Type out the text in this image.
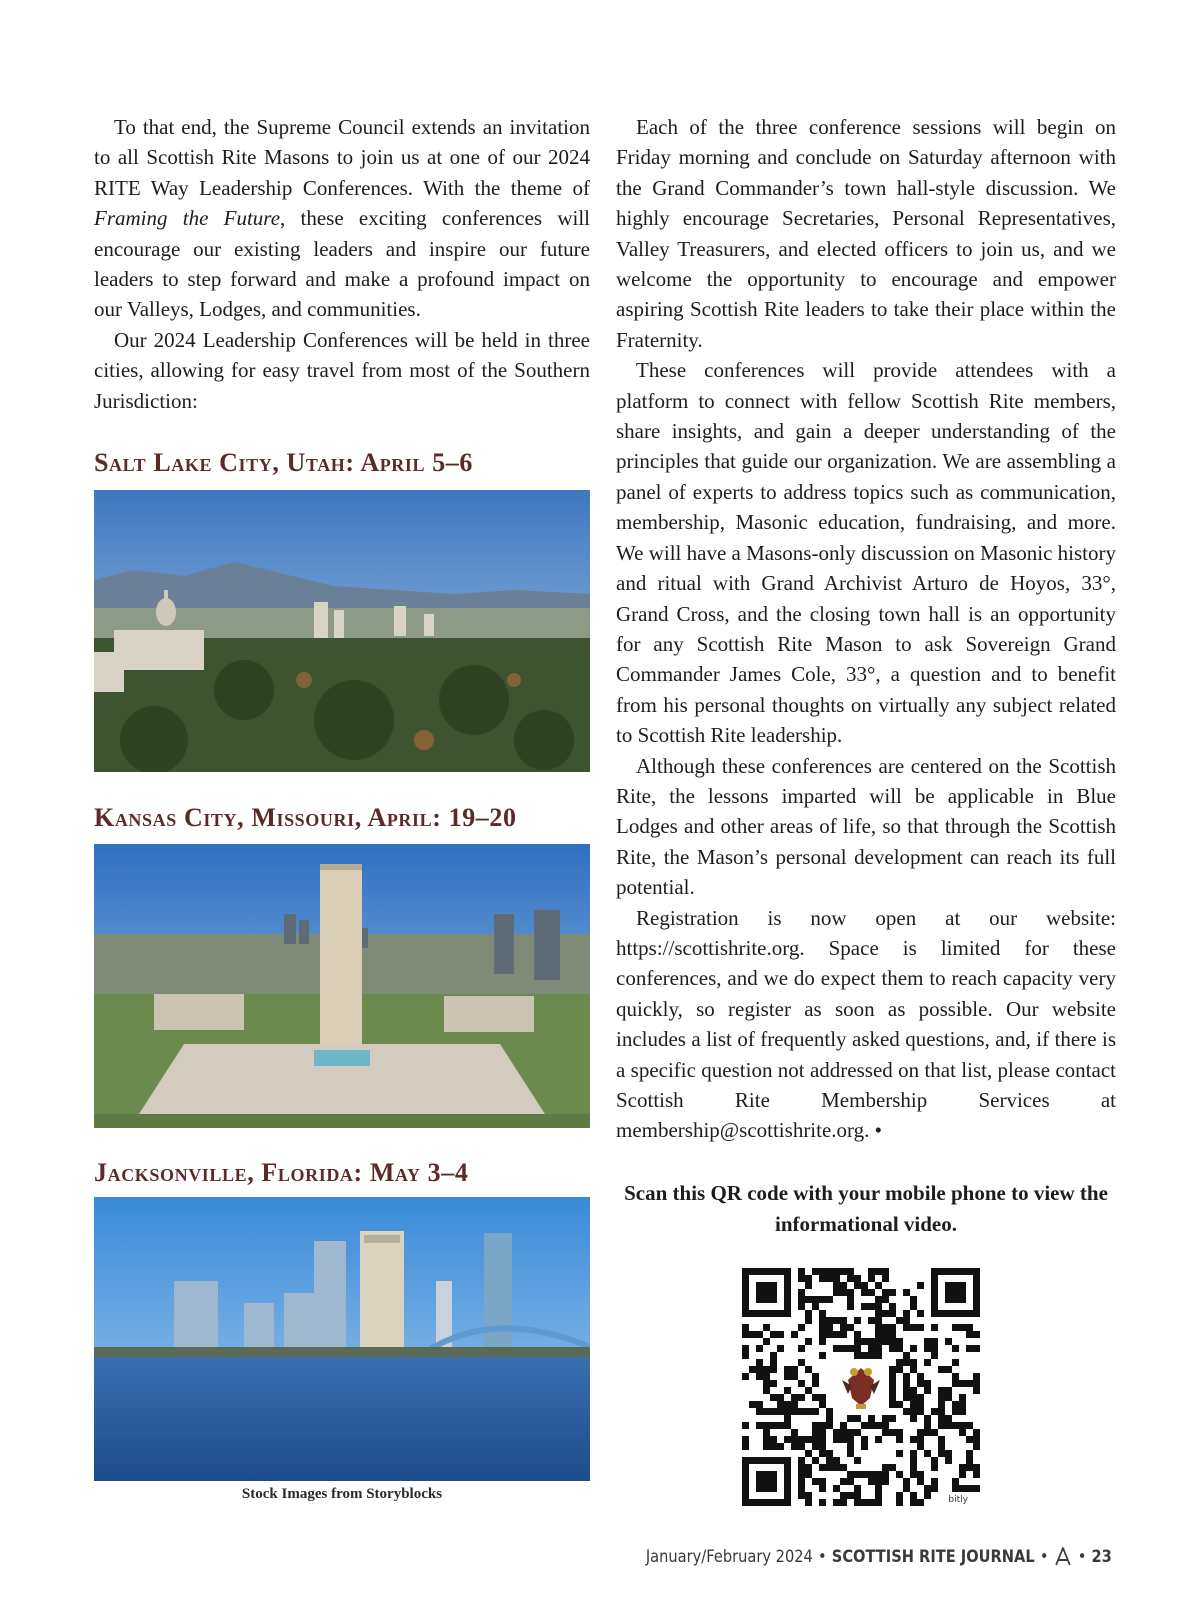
To that end, the Supreme Council extends an invitation to all Scottish Rite Masons to join us at one of our 2024 RITE Way Leadership Conferences. With the theme of Framing the Future, these exciting conferences will encourage our existing leaders and inspire our future leaders to step forward and make a profound impact on our Valleys, Lodges, and communities.

Our 2024 Leadership Conferences will be held in three cities, allowing for easy travel from most of the Southern Jurisdiction:

Salt Lake City, Utah: April 5–6
Kansas City, Missouri, April: 19–20
Jacksonville, Florida: May 3–4
Stock Images from Storyblocks

Each of the three conference sessions will begin on Friday morning and conclude on Saturday afternoon with the Grand Commander’s town hall-style discussion. We highly encourage Secretaries, Personal Representatives, Valley Treasurers, and elected officers to join us, and we welcome the opportunity to encourage and empower aspiring Scottish Rite leaders to take their place within the Fraternity.

These conferences will provide attendees with a platform to connect with fellow Scottish Rite members, share insights, and gain a deeper understanding of the principles that guide our organization. We are assembling a panel of experts to address topics such as communication, membership, Masonic education, fundraising, and more. We will have a Masons-only discussion on Masonic history and ritual with Grand Archivist Arturo de Hoyos, 33°, Grand Cross, and the closing town hall is an opportunity for any Scottish Rite Mason to ask Sovereign Grand Commander James Cole, 33°, a question and to benefit from his personal thoughts on virtually any subject related to Scottish Rite leadership.

Although these conferences are centered on the Scottish Rite, the lessons imparted will be applicable in Blue Lodges and other areas of life, so that through the Scottish Rite, the Mason’s personal development can reach its full potential.

Registration is now open at our website: https://scottishrite.org. Space is limited for these conferences, and we do expect them to reach capacity very quickly, so register as soon as possible. Our website includes a list of frequently asked questions, and, if there is a specific question not addressed on that list, please contact Scottish Rite Membership Services at membership@scottishrite.org. •

Scan this QR code with your mobile phone to view the informational video.
bitly
January/February 2024 • SCOTTISH RITE JOURNAL • • 23
